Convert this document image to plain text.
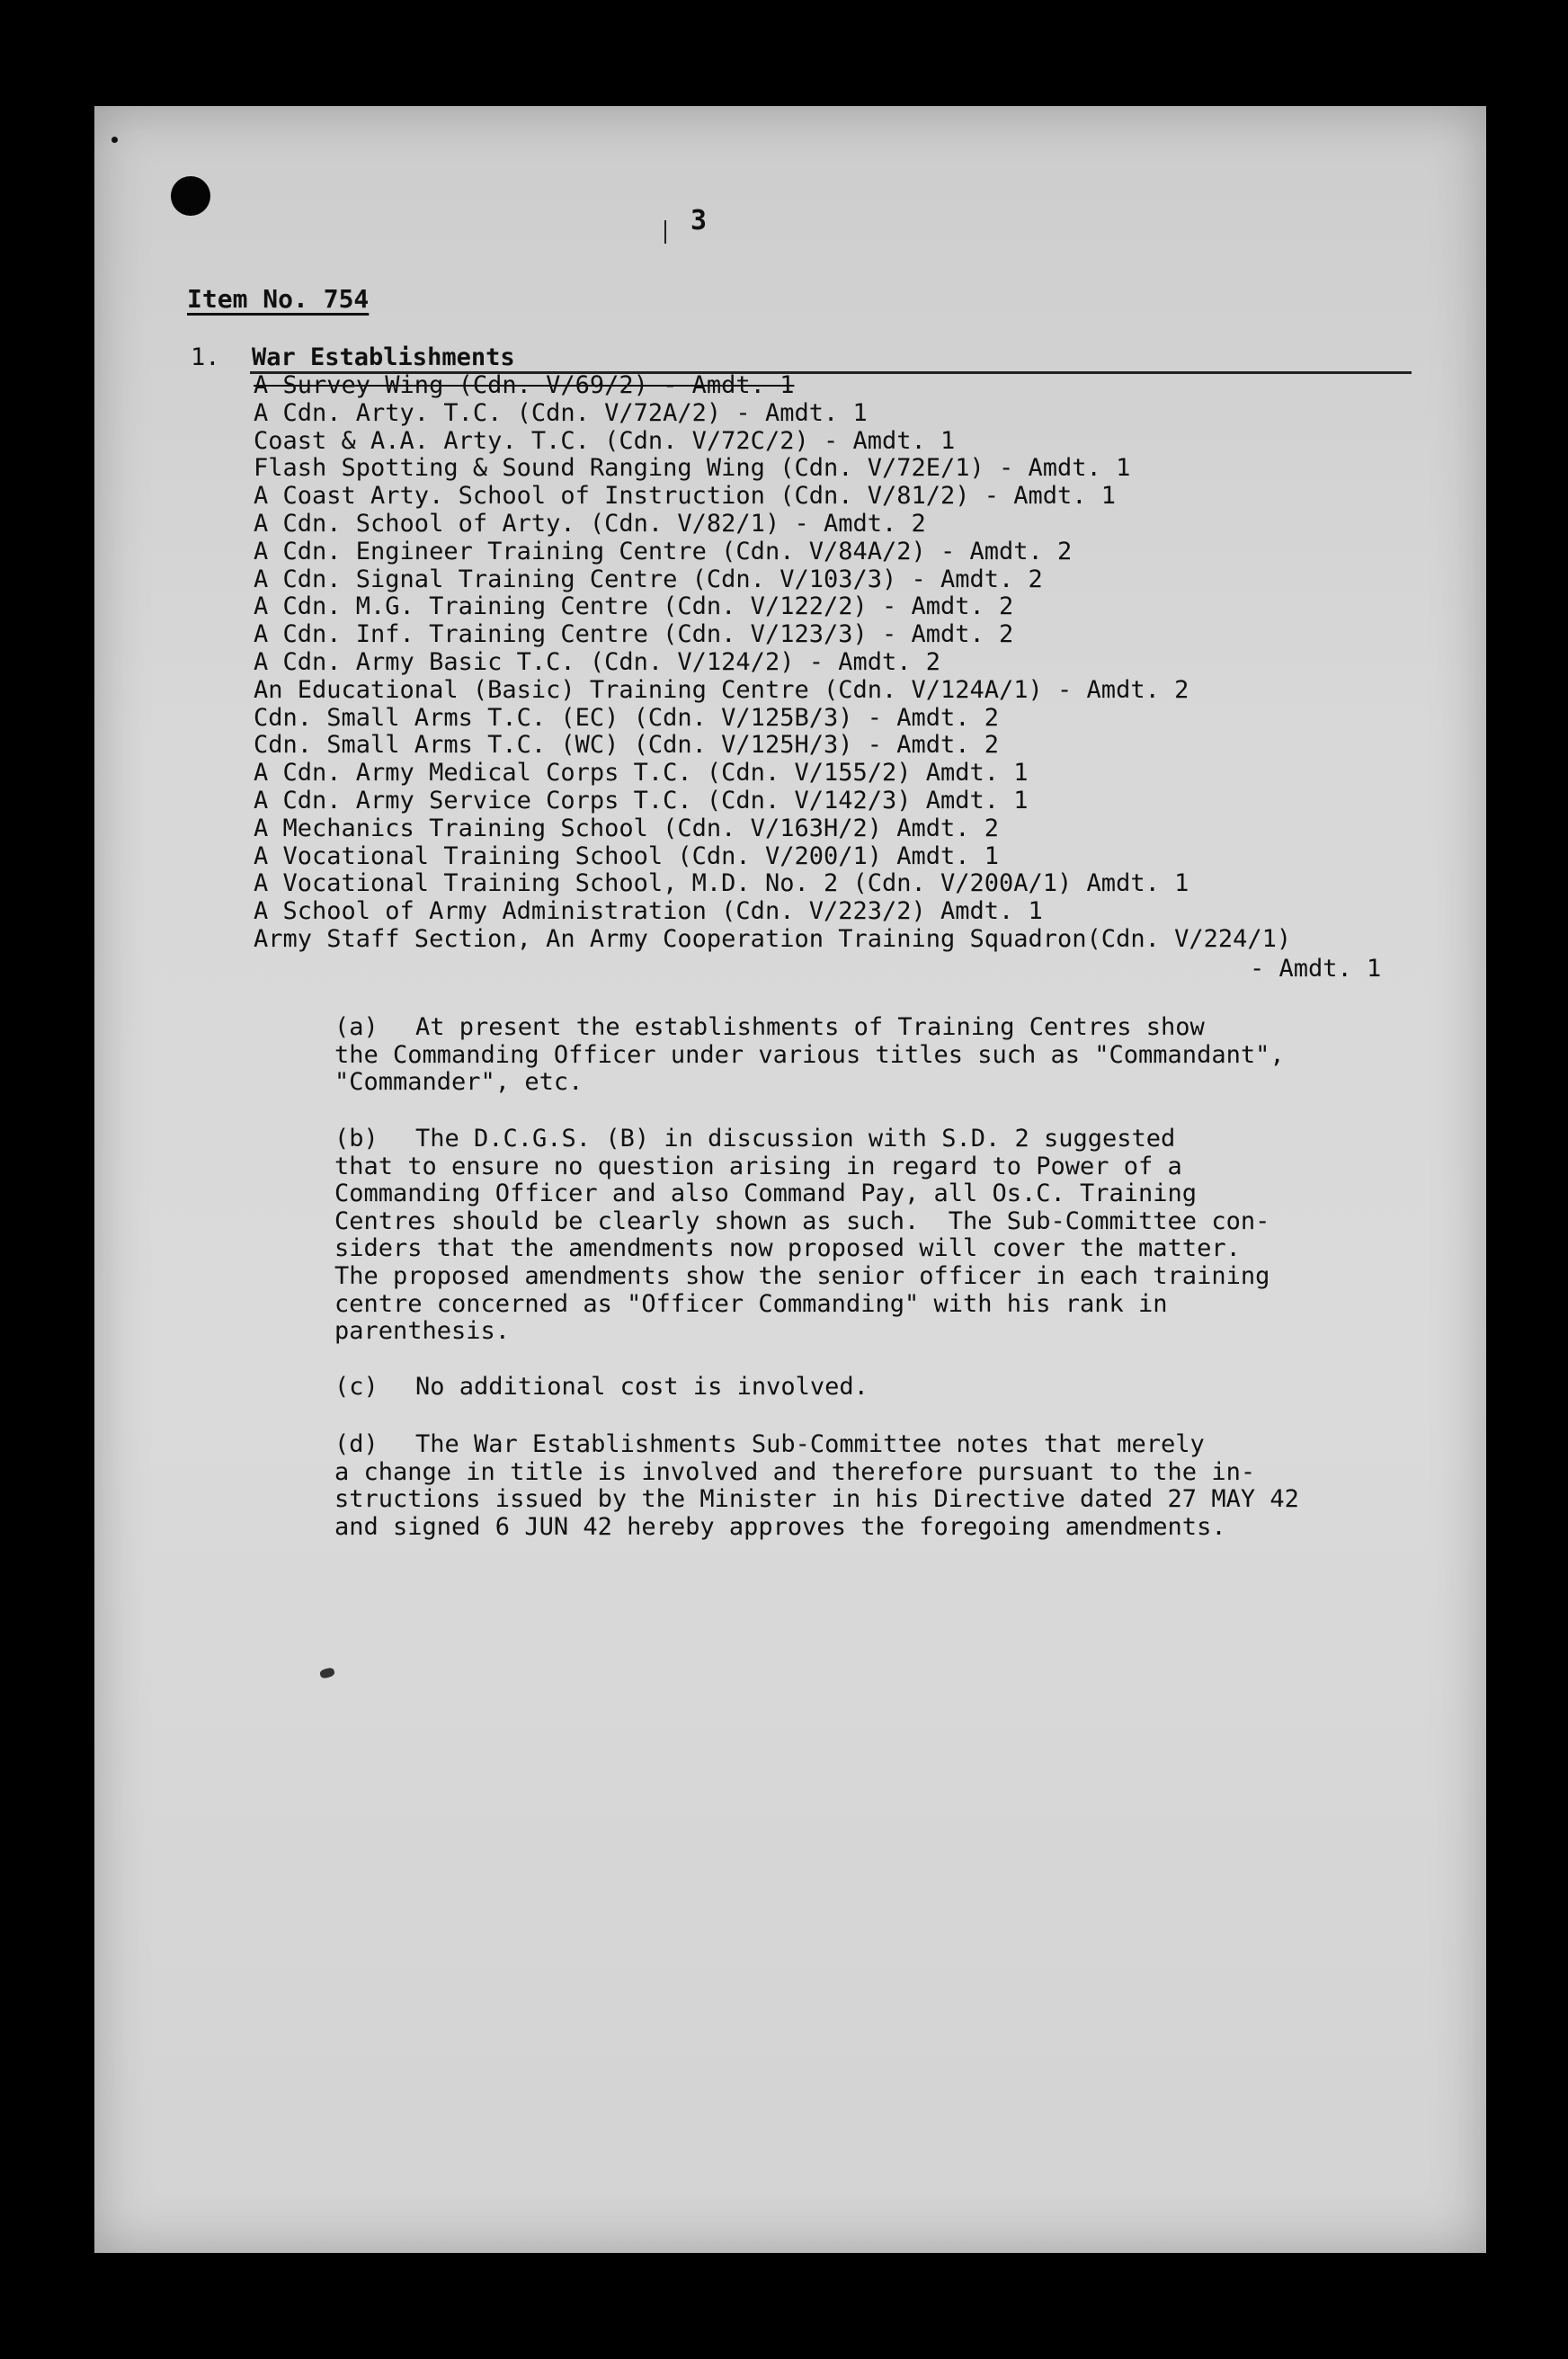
3
Item No. 754
1. War Establishments
A Survey Wing (Cdn. V/69/2) - Amdt. 1
A Cdn. Arty. T.C. (Cdn. V/72A/2) - Amdt. 1
Coast & A.A. Arty. T.C. (Cdn. V/72C/2) - Amdt. 1
Flash Spotting & Sound Ranging Wing (Cdn. V/72E/1) - Amdt. 1
A Coast Arty. School of Instruction (Cdn. V/81/2) - Amdt. 1
A Cdn. School of Arty. (Cdn. V/82/1) - Amdt. 2
A Cdn. Engineer Training Centre (Cdn. V/84A/2) - Amdt. 2
A Cdn. Signal Training Centre (Cdn. V/103/3) - Amdt. 2
A Cdn. M.G. Training Centre (Cdn. V/122/2) - Amdt. 2
A Cdn. Inf. Training Centre (Cdn. V/123/3) - Amdt. 2
A Cdn. Army Basic T.C. (Cdn. V/124/2) - Amdt. 2
An Educational (Basic) Training Centre (Cdn. V/124A/1) - Amdt. 2
Cdn. Small Arms T.C. (EC) (Cdn. V/125B/3) - Amdt. 2
Cdn. Small Arms T.C. (WC) (Cdn. V/125H/3) - Amdt. 2
A Cdn. Army Medical Corps T.C. (Cdn. V/155/2) Amdt. 1
A Cdn. Army Service Corps T.C. (Cdn. V/142/3) Amdt. 1
A Mechanics Training School (Cdn. V/163H/2) Amdt. 2
A Vocational Training School (Cdn. V/200/1) Amdt. 1
A Vocational Training School, M.D. No. 2 (Cdn. V/200A/1) Amdt. 1
A School of Army Administration (Cdn. V/223/2) Amdt. 1
Army Staff Section, An Army Cooperation Training Squadron(Cdn. V/224/1)
- Amdt. 1
(a) At present the establishments of Training Centres show
the Commanding Officer under various titles such as "Commandant",
"Commander", etc.
(b) The D.C.G.S. (B) in discussion with S.D. 2 suggested
that to ensure no question arising in regard to Power of a
Commanding Officer and also Command Pay, all Os.C. Training
Centres should be clearly shown as such.  The Sub-Committee con-
siders that the amendments now proposed will cover the matter.
The proposed amendments show the senior officer in each training
centre concerned as "Officer Commanding" with his rank in
parenthesis.
(c) No additional cost is involved.
(d) The War Establishments Sub-Committee notes that merely
a change in title is involved and therefore pursuant to the in-
structions issued by the Minister in his Directive dated 27 MAY 42
and signed 6 JUN 42 hereby approves the foregoing amendments.
